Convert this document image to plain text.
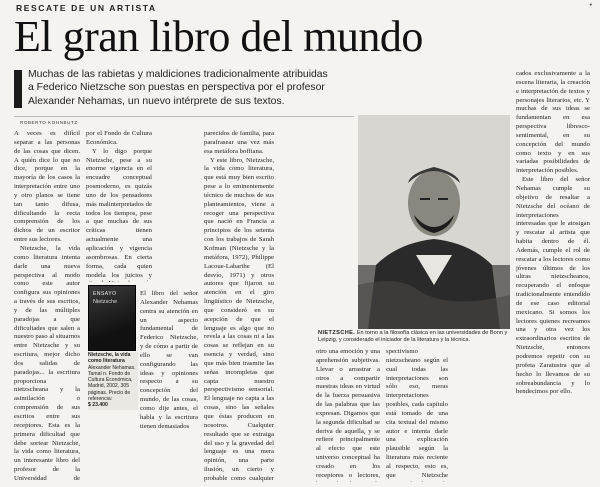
RESCATE DE UN ARTISTA	•
El gran libro del mundo
Muchas de las rabietas y maldiciones tradicionalmente atribuidas a Federico Nietzsche son puestas en perspectiva por el profesor Alexander Nehamas, un nuevo intérprete de sus textos.
ROBERTO KOHNBUTZ

A veces es difícil separar a las personas de las cosas que dicen. A quién dice lo que no dice, porque en la mayoría de los casos la interpretación entre uno y otro planos se tiene tan tanto difusa, dificultando la recta comprensión de los dichos de un escritor entre sus lectores.

Nietzsche, la vida como literatura intenta darle una nueva perspectiva al modo como este autor configura sus opiniones a través de sus escritos, y de las múltiples paradojas a que dificultades que salen a nuestro paso al situarnos entre Nietzsche y su escritura, mejor dicho dos salidas de paradojas... la escritura proporciona nietzscheana y la asimilación o comprensión de sus escritos entre sus receptores. Esta es la primera dificultad que debe sortear Nietzsche, la vida como literatura, un interesante libro del profesor de la Universidad de

por el Fondo de Cultura Económica.

Y lo digo porque Nietzsche, pese a su enorme vigencia en el encuadre conceptual posmoderno, es quizás uno de los pensadores más malinterpretados de todos los tiempos, pese a que muchas de sus críticas tienen actualmente una aplicación y vigencia asombrosas. En cierta forma, cada quien modela los juicios y

ENSAYO
Nietzsche
Nietzsche, la vida como literatura
Alexander Nehamas. Tamal n. Fondo de Cultura Económica, Madrid, 2002, 305 páginas. Precio de referencia:
$ 23.400

El libro del señor Alexander Nehamas centra su atención en un aspecto fundamental de Federico Nietzsche, y de cómo a partir de ello se van configurando las ideas y opiniones respecto a su concepción del mundo, de las cosas, como dije antes, el habla y la escritura tienen demasiados

parecidos de familia, para parafrasear una vez más esa metáfora boffiana.

Y este libro, Nietzsche, la vida como literatura, que está muy bien escrito pese a lo eminentemente técnico de muchos de sus planteamientos, viene a recoger una perspectiva que nació en Francia a principios de los setenta con los trabajos de Sarah Kofman (Nietzsche y la metáfora, 1972), Philippe Lacoue-Labarthe (El desvío, 1971) y otros autores que fijaron su atención en el giro lingüístico de Nietzsche, que consideró en su acepción de que el lenguaje es algo que no revela a las cosas ni a las cosas se reflejan en su esencia y verdad, sino que más bien trasmite las señas incompletas que capta nuestro perspectivismo sensorial. El lenguaje no capta a las cosas, sino las señales que éstas producen en nosotros. Cualquier resultado que se extraiga del uso y la gravedad del lenguaje es una mera opinión, una parte ilusión, un cierto y probable como cualquier

NIETZSCHE. En torno a la filosofía clásica en las universidades de Bonn y Leipzig, y considerado el iniciador de la literatura y la técnica.

otro una emoción y una aprehensión subjetivas. Llevar o arrastrar a otros a compartir nuestras ideas en virtud de la fuerza persuasiva de las palabras que las expresan. Digamos que la segunda dificultad se deriva de aquella, y se refiere principalmente al efecto que este universo conceptual ha creado en los receptores o lectores,

spectivismo nietzscheano según el cual todas las interpretaciones son sólo eso, meras interpretaciones posibles, cada capítulo está tomado de una cita textual del mismo autor e intenta darle una explicación plausible según la literatura más reciente al respecto, esto es, que Nietzsche

cados exclusivamente a la escena literaria, la creación e interpretación de textos y personajes literarios, etc. Y muchas de sus ideas se fundamentan en esa perspectiva libresco-sentimental, en su concepción del mundo como texto y en sus variadas posibilidades de interpretación posibles.

Este libro del señor Nehamas cumple su objetivo de resaltar a Nietzsche del océano de interpretaciones interesadas que le atosigan y rescatar al artista que habita dentro de él. Además, cumple el rol de rescatar a los lectores como jóvenes últimos de los ultras nietzscheanos, recuperando el enfoque tradicionalmente entendido de ese caso editorial mexicano. Si somos los lectores quienes recreamos una y otra vez los extraordinarios escritos de Nietzsche, entonces podremos repetir con su profeta Zaratustra que al hecho lo llevamos de su sobreabundancia y lo bendecimos por ello.
